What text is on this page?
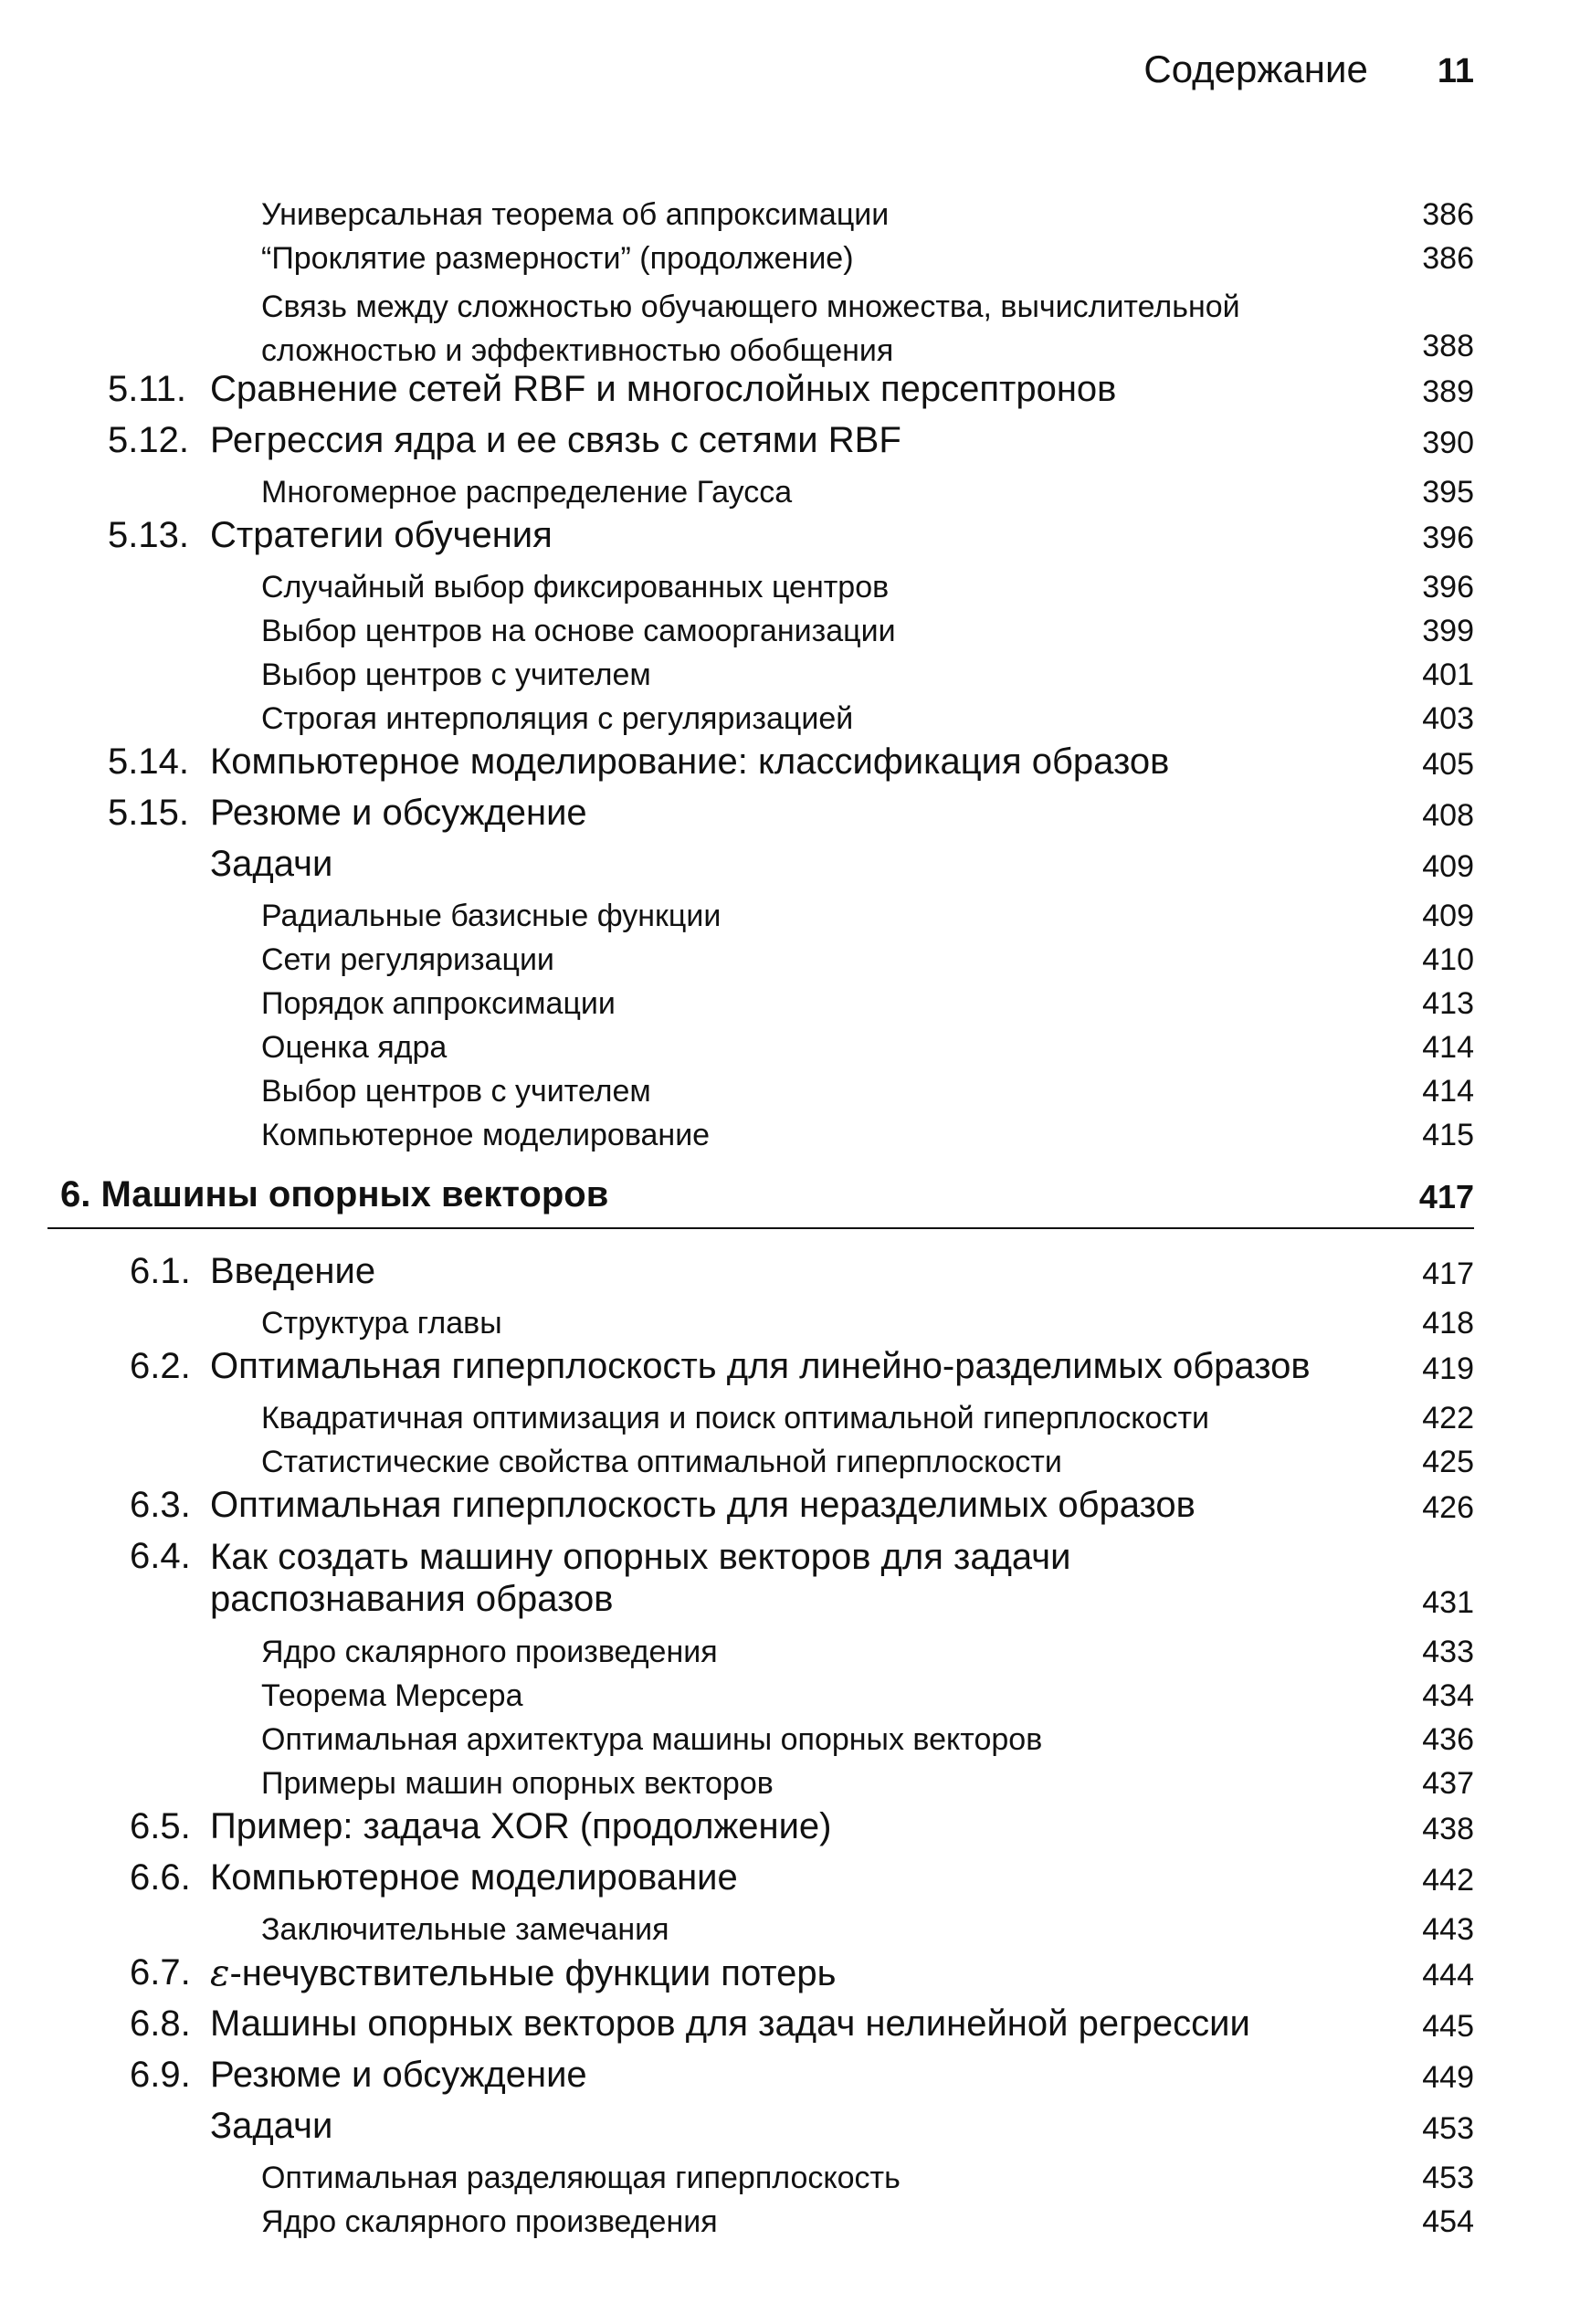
Содержание 11
Универсальная теорема об аппроксимации	386
“Проклятие размерности” (продолжение)	386
Связь между сложностью обучающего множества, вычислительной
сложностью и эффективностью обобщения	388
5.11. Сравнение сетей RBF и многослойных персептронов	389
5.12. Регрессия ядра и ее связь с сетями RBF	390
Многомерное распределение Гаусса	395
5.13. Стратегии обучения	396
Случайный выбор фиксированных центров	396
Выбор центров на основе самоорганизации	399
Выбор центров с учителем	401
Строгая интерполяция с регуляризацией	403
5.14. Компьютерное моделирование: классификация образов	405
5.15. Резюме и обсуждение	408
Задачи	409
Радиальные базисные функции	409
Сети регуляризации	410
Порядок аппроксимации	413
Оценка ядра	414
Выбор центров с учителем	414
Компьютерное моделирование	415
6. Машины опорных векторов	417
6.1. Введение	417
Структура главы	418
6.2. Оптимальная гиперплоскость для линейно-разделимых образов	419
Квадратичная оптимизация и поиск оптимальной гиперплоскости	422
Статистические свойства оптимальной гиперплоскости	425
6.3. Оптимальная гиперплоскость для неразделимых образов	426
6.4. Как создать машину опорных векторов для задачи
распознавания образов	431
Ядро скалярного произведения	433
Теорема Мерсера	434
Оптимальная архитектура машины опорных векторов	436
Примеры машин опорных векторов	437
6.5. Пример: задача XOR (продолжение)	438
6.6. Компьютерное моделирование	442
Заключительные замечания	443
6.7. ε-нечувствительные функции потерь	444
6.8. Машины опорных векторов для задач нелинейной регрессии	445
6.9. Резюме и обсуждение	449
Задачи	453
Оптимальная разделяющая гиперплоскость	453
Ядро скалярного произведения	454
